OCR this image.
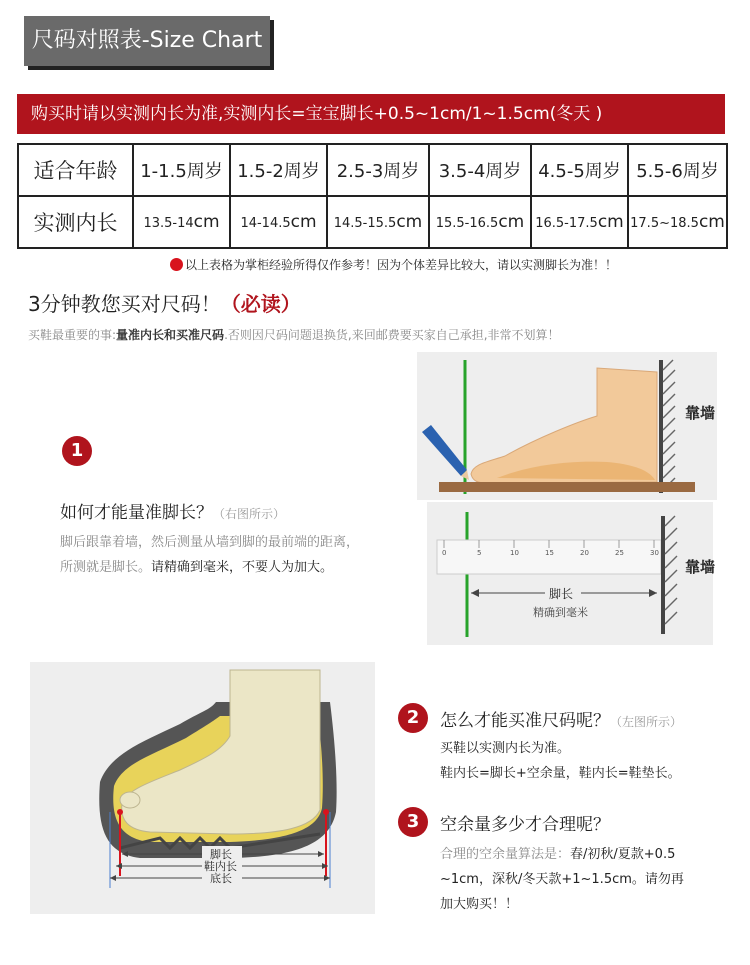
尺码对照表-Size Chart
购买时请以实测内长为准,实测内长=宝宝脚长+0.5~1cm/1~1.5cm(冬天 )
适合年龄	1-1.5周岁	1.5-2周岁	2.5-3周岁	3.5-4周岁	4.5-5周岁	5.5-6周岁
实测内长	13.5-14cm	14-14.5cm	14.5-15.5cm	15.5-16.5cm	16.5-17.5cm	17.5~18.5cm
以上表格为掌柜经验所得仅作参考！因为个体差异比较大，请以实测脚长为准！！
3分钟教您买对尺码！（必读）
买鞋最重要的事:量准内长和买准尺码.否则因尺码问题退换货,来回邮费要买家自己承担,非常不划算！
1
如何才能量准脚长？（右图所示）
脚后跟靠着墙，然后测量从墙到脚的最前端的距离，
所测就是脚长。请精确到毫米，不要人为加大。
靠墙
0	5	10	15	20	25	30
靠墙
脚长
精确到毫米
脚长
鞋内长
底长
2	怎么才能买准尺码呢？（左图所示）
买鞋以实测内长为准。
鞋内长=脚长+空余量，鞋内长=鞋垫长。
3	空余量多少才合理呢？
合理的空余量算法是：春/初秋/夏款+0.5
~1cm，深秋/冬天款+1~1.5cm。请勿再
加大购买！！
